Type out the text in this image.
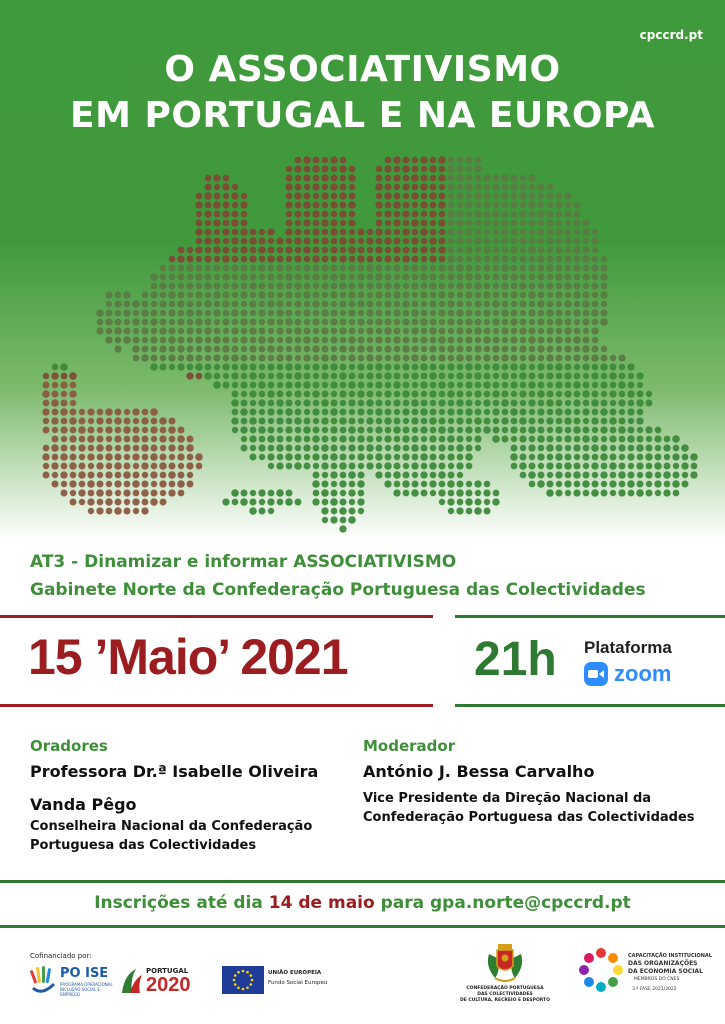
cpccrd.pt
O ASSOCIATIVISMO
EM PORTUGAL E NA EUROPA
AT3 - Dinamizar e informar ASSOCIATIVISMO
Gabinete Norte da Confederação Portuguesa das Colectividades
15 ’Maio’ 2021	21h Plataforma
zoom
Oradores
Professora Dr.ª Isabelle Oliveira
Vanda Pêgo
Conselheira Nacional da Confederação
Portuguesa das Colectividades
Moderador
António J. Bessa Carvalho
Vice Presidente da Direção Nacional da
Confederação Portuguesa das Colectividades
Inscrições até dia 14 de maio para gpa.norte@cpccrd.pt
Cofinanciado por:
PO ISE
PROGRAMA OPERACIONAL INCLUSÃO SOCIAL E EMPREGO
PORTUGAL
2020
UNIÃO EUROPEIA
Fundo Social Europeu
CONFEDERAÇÃO PORTUGUESA
DAS COLECTIVIDADES
DE CULTURA, RECREIO E DESPORTO
CAPACITAÇÃO INSTITUCIONAL
DAS ORGANIZAÇÕES
DA ECONOMIA SOCIAL
MEMBROS DO CNES
3.ª FASE 2021/2022
